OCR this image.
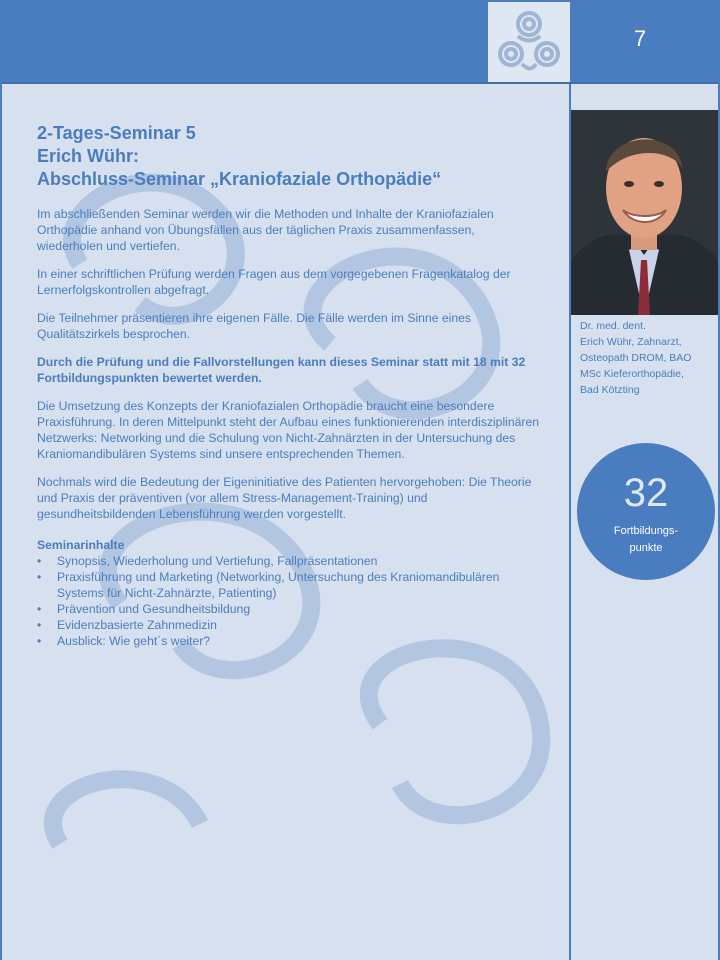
7
2-Tages-Seminar 5
Erich Wühr:
Abschluss-Seminar „Kraniofaziale Orthopädie“

Im abschließenden Seminar werden wir die Methoden und Inhalte der Kraniofazialen Orthopädie anhand von Übungsfällen aus der täglichen Praxis zusammenfassen, wiederholen und vertiefen.

In einer schriftlichen Prüfung werden Fragen aus dem vorgegebenen Fragenkatalog der Lernerfolgskontrollen abgefragt.

Die Teilnehmer präsentieren ihre eigenen Fälle. Die Fälle werden im Sinne eines Qualitätszirkels besprochen.

Durch die Prüfung und die Fallvorstellungen kann dieses Seminar statt mit 18 mit 32 Fortbildungspunkten bewertet werden.

Die Umsetzung des Konzepts der Kraniofazialen Orthopädie braucht eine besondere Praxisführung. In deren Mittelpunkt steht der Aufbau eines funktionierenden interdisziplinären Netzwerks: Networking und die Schulung von Nicht-Zahnärzten in der Untersuchung des Kraniomandibulären Systems sind unsere entsprechenden Themen.

Nochmals wird die Bedeutung der Eigeninitiative des Patienten hervorgehoben: Die Theorie und Praxis der präventiven (vor allem Stress-Management-Training) und gesundheitsbildenden Lebensführung werden vorgestellt.

Seminarinhalte
• Synopsis, Wiederholung und Vertiefung, Fallpräsentationen
• Praxisführung und Marketing (Networking, Untersuchung des Kraniomandibulären Systems für Nicht-Zahnärzte, Patienting)
• Prävention und Gesundheitsbildung
• Evidenzbasierte Zahnmedizin
• Ausblick: Wie geht´s weiter?
Dr. med. dent.
Erich Wühr, Zahnarzt,
Osteopath DROM, BAO
MSc Kieferorthopädie,
Bad Kötzting
32
Fortbildungs-
punkte
